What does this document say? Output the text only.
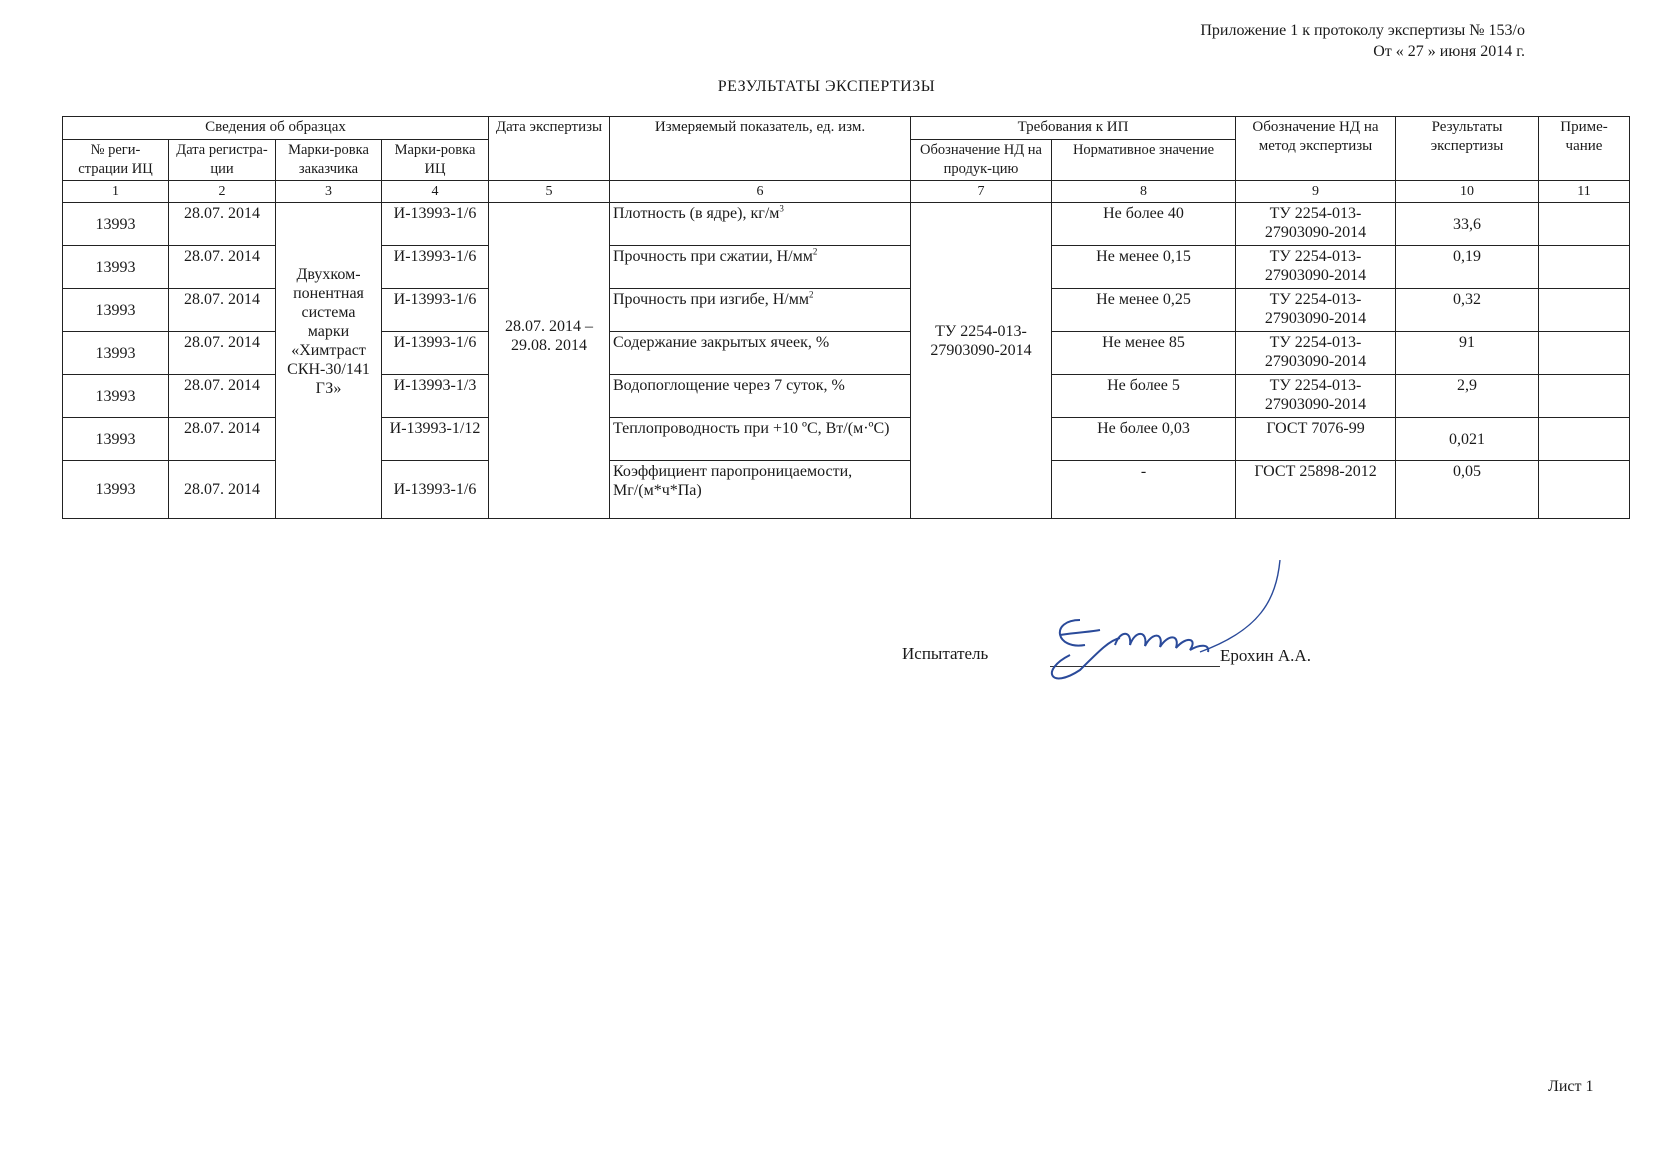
Приложение 1 к протоколу экспертизы № 153/о
От « 27 » июня 2014 г.
РЕЗУЛЬТАТЫ ЭКСПЕРТИЗЫ
Сведения об образцах				Дата экспертизы	Измеряемый показатель, ед. изм.	Требования к ИП		Обозначение НД на метод экспертизы	Результаты экспертизы	Приме-чание
№ реги-страции ИЦ	Дата регистра-ции	Марки-ровка заказчика	Марки-ровка ИЦ			Обозначение НД на продук-цию	Нормативное значение			
1	2	3	4	5	6	7	8	9	10	11
13993	28.07. 2014	Двухком-понентная система марки «Химтраст СКН-30/141 ГЗ»	И-13993-1/6	28.07. 2014 – 29.08. 2014	Плотность (в ядре), $кг/м^3$	ТУ 2254-013-27903090-2014	Не более 40	ТУ 2254-013-27903090-2014	33,6	
13993	28.07. 2014		И-13993-1/6		Прочность при сжатии, $Н/мм^2$		Не менее 0,15	ТУ 2254-013-27903090-2014	0,19	
13993	28.07. 2014		И-13993-1/6		Прочность при изгибе, $Н/мм^2$		Не менее 0,25	ТУ 2254-013-27903090-2014	0,32	
13993	28.07. 2014		И-13993-1/6		Содержание закрытых ячеек, %		Не менее 85	ТУ 2254-013-27903090-2014	91	
13993	28.07. 2014		И-13993-1/3		Водопоглощение через 7 суток, %		Не более 5	ТУ 2254-013-27903090-2014	2,9	
13993	28.07. 2014		И-13993-1/12		Теплопроводность при +10 ºС, Вт/(м·ºС)		Не более 0,03	ГОСТ 7076-99	0,021	
13993	28.07. 2014		И-13993-1/6		Коэффициент паропроницаемости, Мг/(м*ч*Па)		-	ГОСТ 25898-2012	0,05	
Испытатель	Ерохин А.А.
Лист 1
